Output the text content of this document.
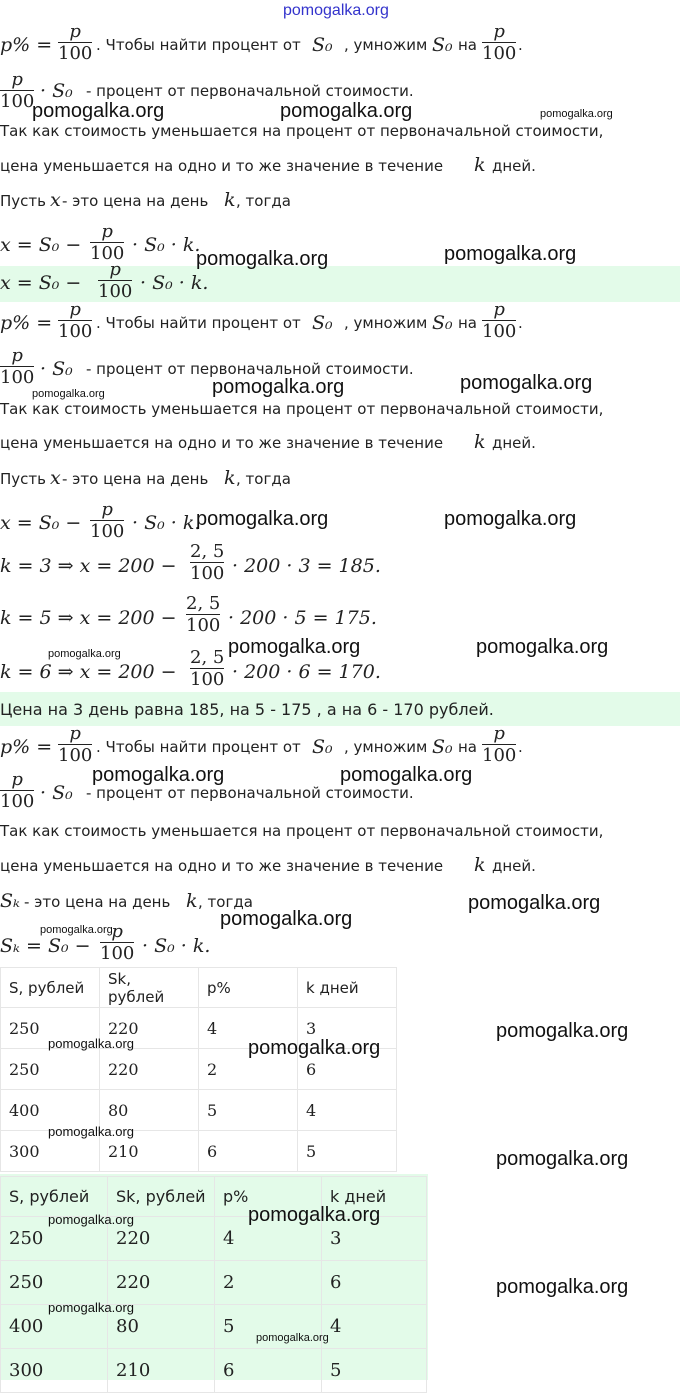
pomogalka.org
$p\% = \frac{p}{100}$ . Чтобы найти процент от S₀ , умножим S₀ на $\frac{p}{100}$ .
$\frac{p}{100} \cdot S_0$ - процент от первоначальной стоимости.
Так как стоимость уменьшается на процент от первоначальной стоимости,
цена уменьшается на одно и то же значение в течение k дней.
Пусть x - это цена на день k , тогда
$x = S_0 - \frac{p}{100} \cdot S_0 \cdot k$.
$x = S_0 - \frac{p}{100} \cdot S_0 \cdot k$.
$p\% = \frac{p}{100}$ . Чтобы найти процент от S₀ , умножим S₀ на $\frac{p}{100}$ .
$\frac{p}{100} \cdot S_0$ - процент от первоначальной стоимости.
Так как стоимость уменьшается на процент от первоначальной стоимости,
цена уменьшается на одно и то же значение в течение k дней.
Пусть x - это цена на день k , тогда
$x = S_0 - \frac{p}{100} \cdot S_0 \cdot k$.
k = 3 ⇒ $x = 200 - \frac{2, 5}{100} \cdot 200 \cdot 3 = 185$.
k = 5 ⇒ $x = 200 - \frac{2, 5}{100} \cdot 200 \cdot 5 = 175$.
k = 6 ⇒ $x = 200 - \frac{2, 5}{100} \cdot 200 \cdot 6 = 170$.
Цена на 3 день равна 185, на 5 - 175 , а на 6 - 170 рублей.
$p\% = \frac{p}{100}$ . Чтобы найти процент от S₀ , умножим S₀ на $\frac{p}{100}$ .
$\frac{p}{100} \cdot S_0$ - процент от первоначальной стоимости.
Так как стоимость уменьшается на процент от первоначальной стоимости,
цена уменьшается на одно и то же значение в течение k дней.
Sₖ - это цена на день k , тогда
$S_k = S_0 - \frac{p}{100} \cdot S_0 \cdot k$.
S, рублей	Sk, рублей	p%	k дней
250	220	4	3
250	220	2	6
400	80	5	4
300	210	6	5
S, рублей	Sk, рублей	p%	k дней
250	220	4	3
250	220	2	6
400	80	5	4
300	210	6	5
pomogalka.org	pomogalka.org	pomogalka.org
pomogalka.org	pomogalka.org
pomogalka.org	pomogalka.org	pomogalka.org
pomogalka.org	pomogalka.org
pomogalka.org	pomogalka.org	pomogalka.org
pomogalka.org	pomogalka.org
pomogalka.org
pomogalka.org
pomogalka.org
pomogalka.org
pomogalka.org	pomogalka.org
pomogalka.org
pomogalka.org
pomogalka.org	pomogalka.org
pomogalka.org
pomogalka.org
pomogalka.org
